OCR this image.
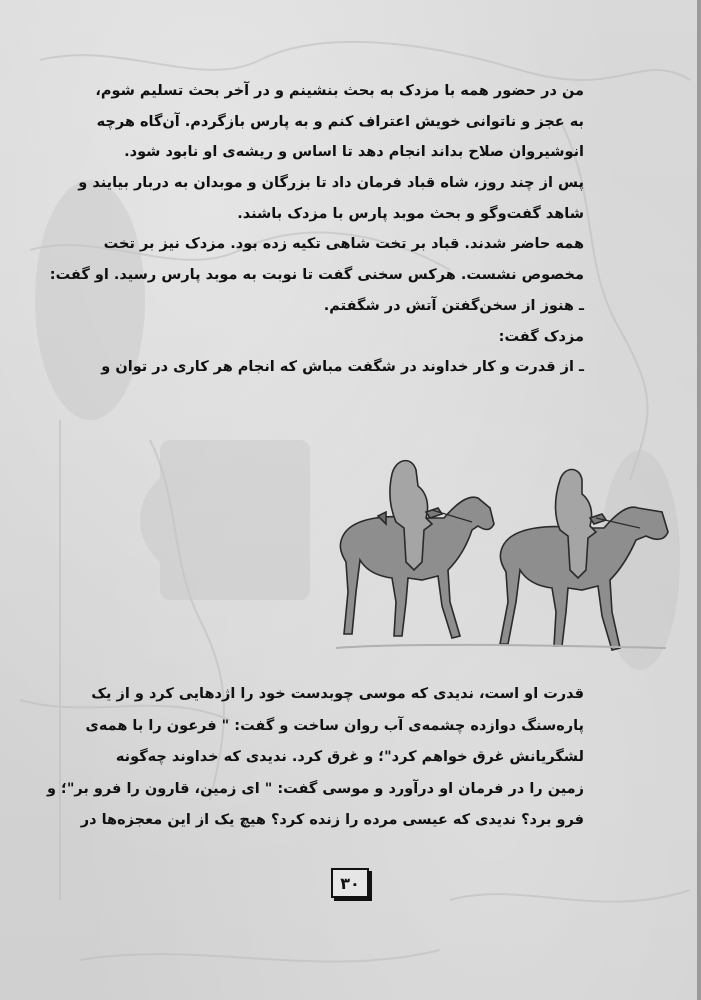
من در حضور همه با مزدک به بحث بنشینم و در آخر بحث تسلیم شوم،
به عجز و ناتوانی خویش اعتراف کنم و به پارس بازگردم. آن‌گاه هرچه
انوشیروان صلاح بداند انجام دهد تا اساس و ریشه‌ی او نابود شود.
پس از چند روز، شاه قباد فرمان داد تا بزرگان و موبدان به دربار بیایند و
شاهد گفت‌وگو و بحث موبد پارس با مزدک باشند.
همه حاضر شدند. قباد بر تخت شاهی تکیه زده بود. مزدک نیز بر تخت
مخصوص نشست. هرکس سخنی گفت تا نوبت به موبد پارس رسید. او گفت:
ـ هنوز از سخن‌گفتن آتش در شگفتم.
مزدک گفت:
ـ از قدرت و کار خداوند در شگفت مباش که انجام هر کاری در توان و
قدرت او است، ندیدی که موسی چوبدست خود را اژدهایی کرد و از یک
پاره‌سنگ دوازده چشمه‌ی آب روان ساخت و گفت: " فرعون را با همه‌ی
لشگریانش غرق خواهم کرد"؛ و غرق کرد. ندیدی که خداوند چه‌گونه
زمین را در فرمان او درآورد و موسی گفت: " ای زمین، قارون را فرو بر"؛ و
فرو برد؟ ندیدی که عیسی مرده را زنده کرد؟ هیچ یک از این معجزه‌ها در
۳۰
